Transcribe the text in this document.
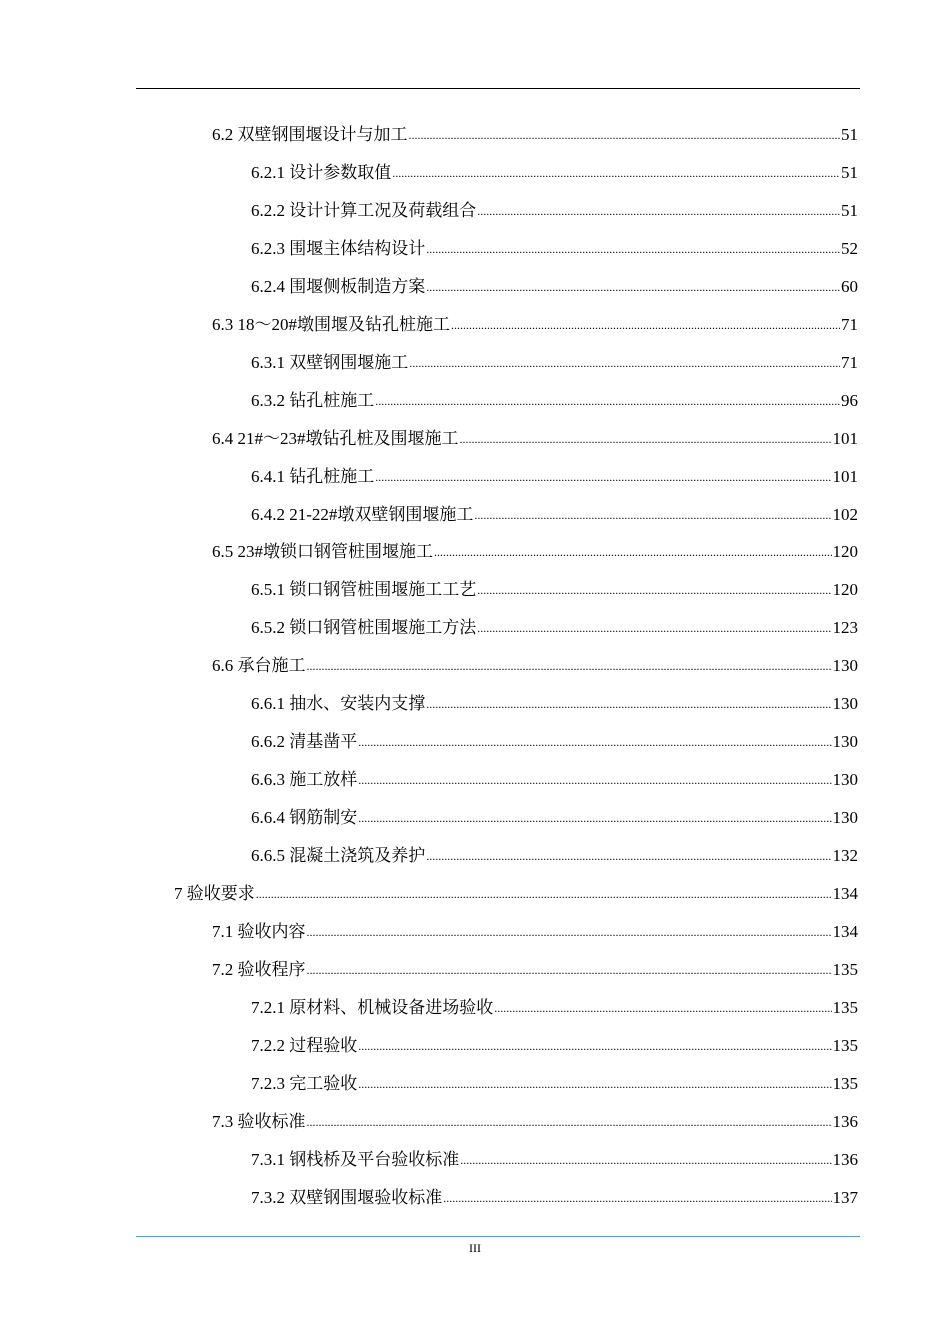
6.2 双壁钢围堰设计与加工 .....	51
6.2.1 设计参数取值 .....	51
6.2.2 设计计算工况及荷载组合 .....	51
6.2.3 围堰主体结构设计 .....	52
6.2.4 围堰侧板制造方案 .....	60
6.3 18～20#墩围堰及钻孔桩施工 .....	71
6.3.1 双壁钢围堰施工 .....	71
6.3.2 钻孔桩施工 .....	96
6.4 21#～23#墩钻孔桩及围堰施工 .....	101
6.4.1 钻孔桩施工 .....	101
6.4.2 21-22#墩双壁钢围堰施工 .....	102
6.5 23#墩锁口钢管桩围堰施工 .....	120
6.5.1 锁口钢管桩围堰施工工艺 .....	120
6.5.2 锁口钢管桩围堰施工方法 .....	123
6.6 承台施工 .....	130
6.6.1 抽水、安装内支撑 .....	130
6.6.2 清基凿平 .....	130
6.6.3 施工放样 .....	130
6.6.4 钢筋制安 .....	130
6.6.5 混凝土浇筑及养护 .....	132
7 验收要求 .....	134
7.1 验收内容 .....	134
7.2 验收程序 .....	135
7.2.1 原材料、机械设备进场验收 .....	135
7.2.2 过程验收 .....	135
7.2.3 完工验收 .....	135
7.3 验收标准 .....	136
7.3.1 钢栈桥及平台验收标准 .....	136
7.3.2 双壁钢围堰验收标准 .....	137
III
